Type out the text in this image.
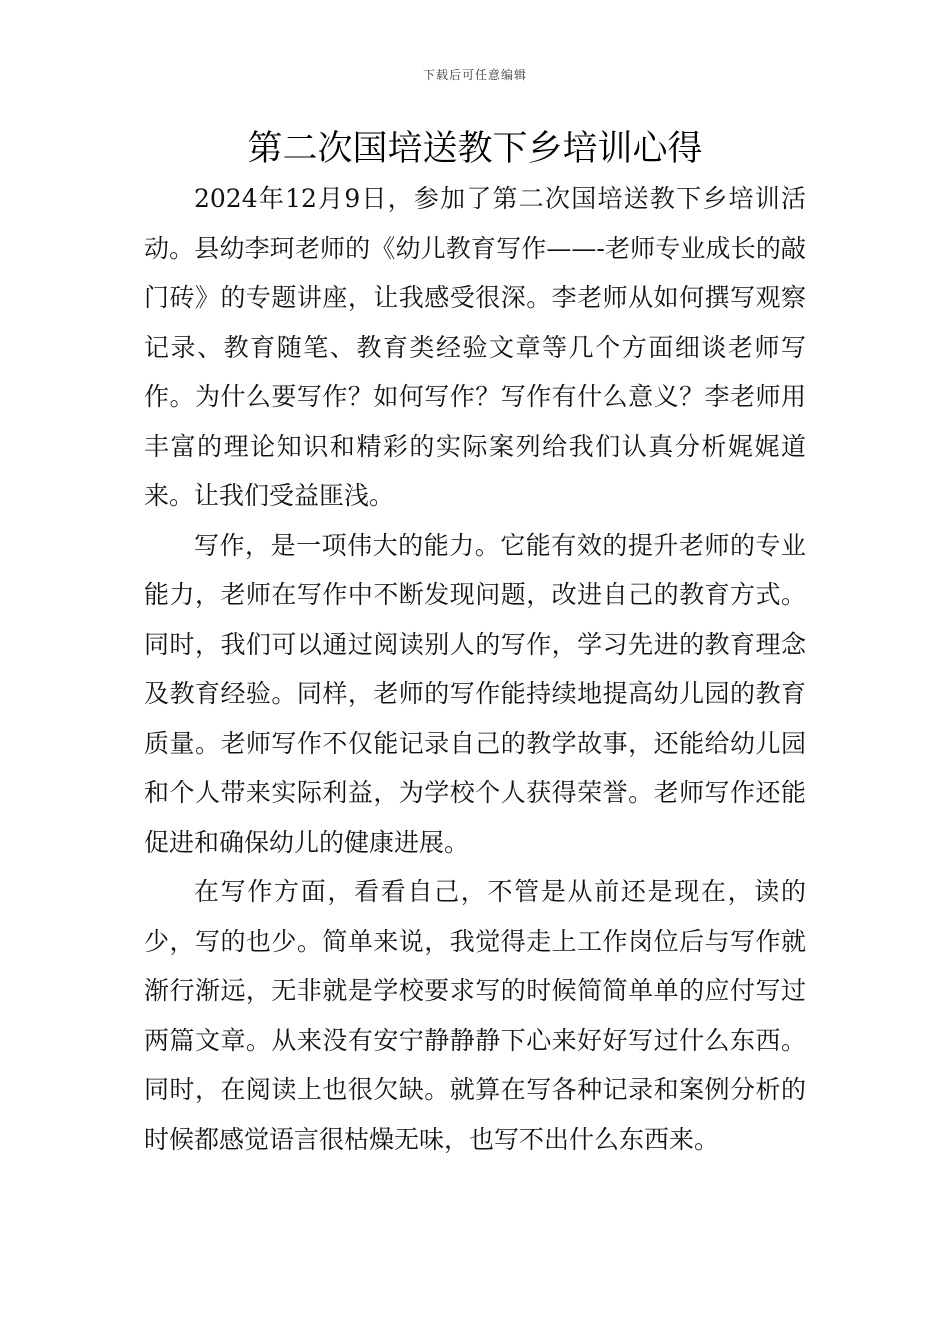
下载后可任意编辑
第二次国培送教下乡培训心得

2024年12月9日，参加了第二次国培送教下乡培训活动。县幼李珂老师的《幼儿教育写作——-老师专业成长的敲门砖》的专题讲座，让我感受很深。李老师从如何撰写观察记录、教育随笔、教育类经验文章等几个方面细谈老师写作。为什么要写作？如何写作？写作有什么意义？李老师用丰富的理论知识和精彩的实际案列给我们认真分析娓娓道来。让我们受益匪浅。

写作，是一项伟大的能力。它能有效的提升老师的专业能力，老师在写作中不断发现问题，改进自己的教育方式。同时，我们可以通过阅读别人的写作，学习先进的教育理念及教育经验。同样，老师的写作能持续地提高幼儿园的教育质量。老师写作不仅能记录自己的教学故事，还能给幼儿园和个人带来实际利益，为学校个人获得荣誉。老师写作还能促进和确保幼儿的健康进展。

在写作方面，看看自己，不管是从前还是现在，读的少，写的也少。简单来说，我觉得走上工作岗位后与写作就渐行渐远，无非就是学校要求写的时候简简单单的应付写过两篇文章。从来没有安宁静静静下心来好好写过什么东西。同时，在阅读上也很欠缺。就算在写各种记录和案例分析的时候都感觉语言很枯燥无味，也写不出什么东西来。
